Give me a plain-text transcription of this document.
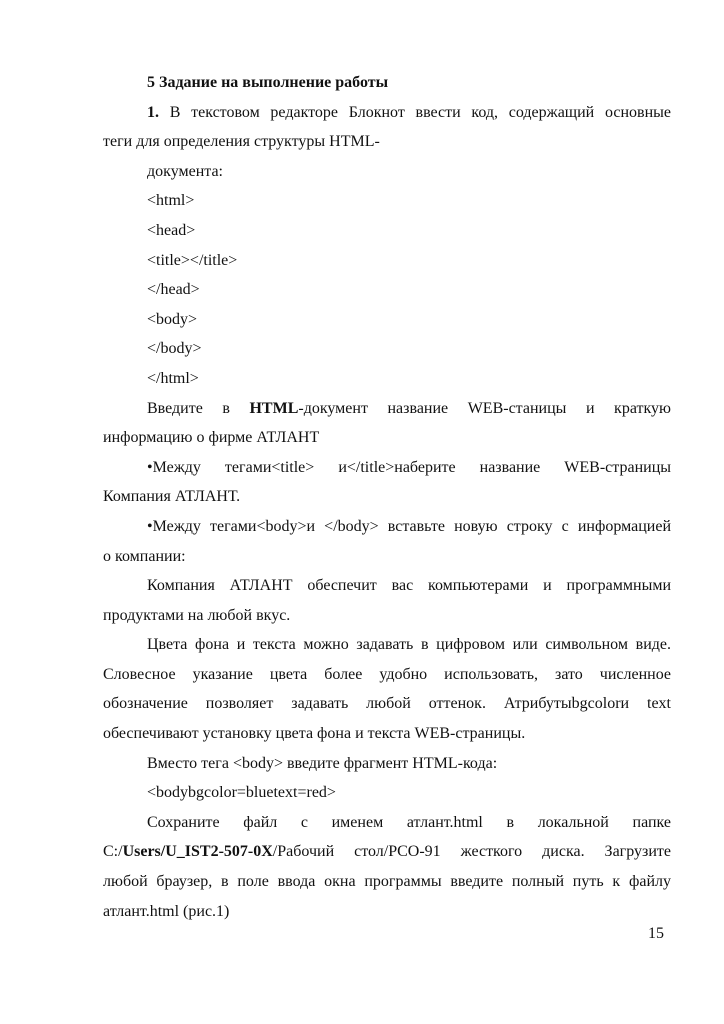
5 Задание на выполнение работы
1. В текстовом редакторе Блокнот ввести код, содержащий основные
теги для определения структуры HTML-
документа:
<html>
<head>
<title></title>
</head>
<body>
</body>
</html>
Введите в HTML-документ название WEB-станицы и краткую
информацию о фирме АТЛАНТ
•Между тегами<title> и</title>наберите название WEB-страницы
Компания АТЛАНТ.
•Между тегами<body>и </body> вставьте новую строку с информацией
о компании:
Компания АТЛАНТ обеспечит вас компьютерами и программными
продуктами на любой вкус.
Цвета фона и текста можно задавать в цифровом или символьном виде.
Словесное указание цвета более удобно использовать, зато численное
обозначение позволяет задавать любой оттенок. Атрибутыbgcolorи text
обеспечивают установку цвета фона и текста WEB-страницы.
Вместо тега <body> введите фрагмент HTML-кода:
<bodybgcolor=bluetext=red>
Сохраните файл с именем атлант.html в локальной папке
C:/Users/U_IST2-507-0X/Рабочий стол/PCO-91 жесткого диска. Загрузите
любой браузер, в поле ввода окна программы введите полный путь к файлу
атлант.html (рис.1)
15
